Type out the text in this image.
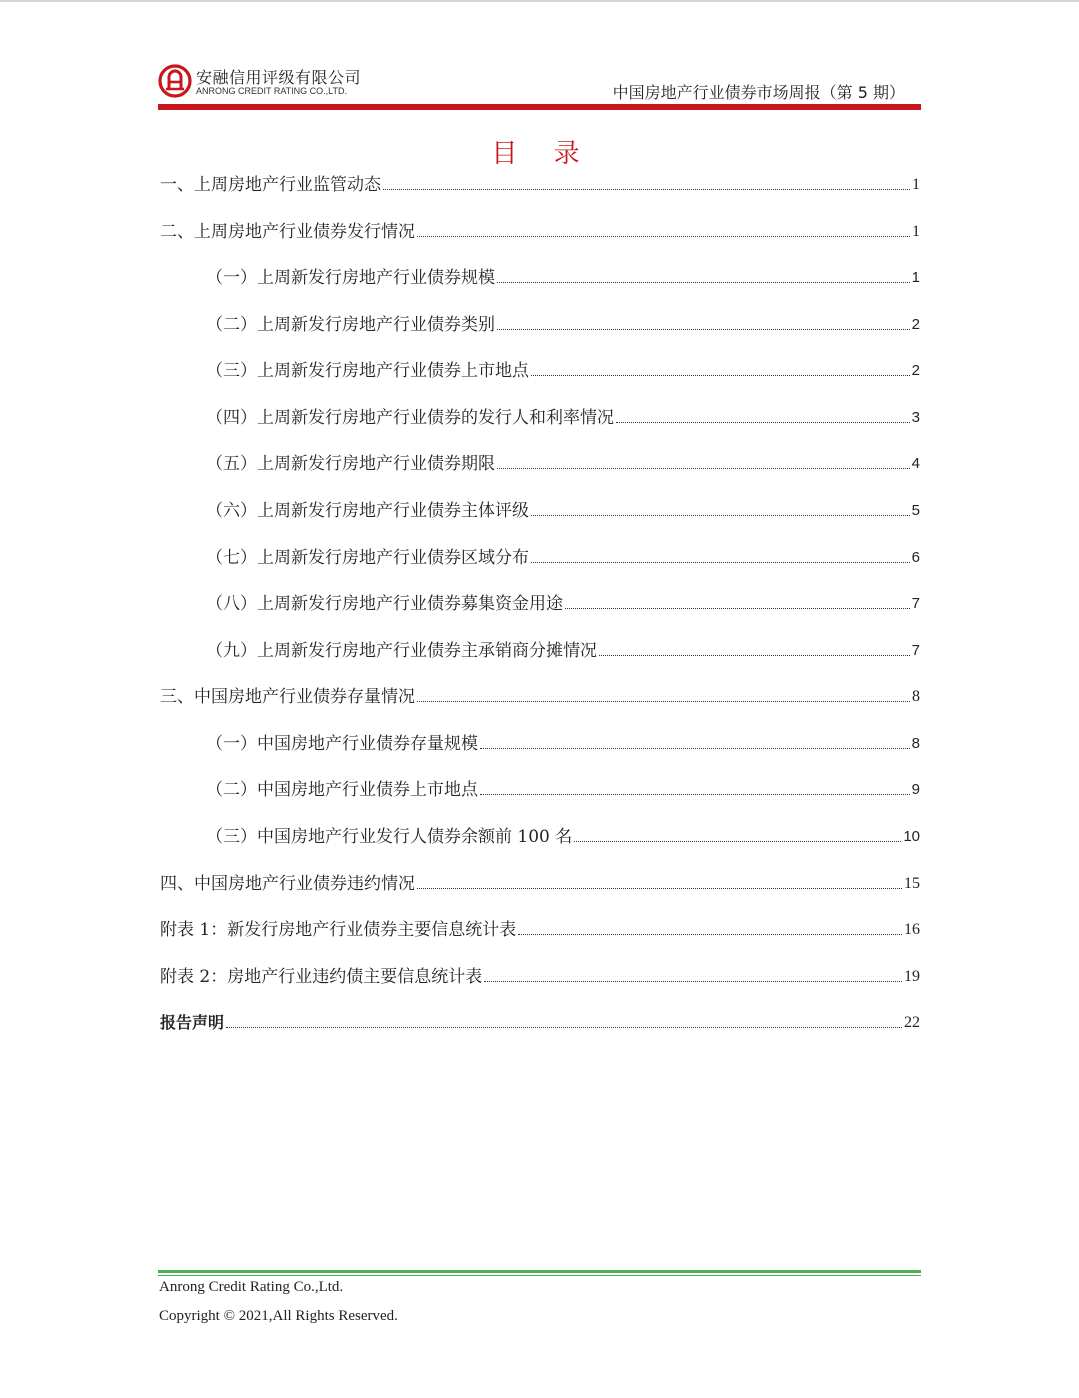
安融信用评级有限公司
ANRONG CREDIT RATING CO.,LTD.	中国房地产行业债券市场周报（第 5 期）
目 录
一、上周房地产行业监管动态	1
二、上周房地产行业债券发行情况	1
（一）上周新发行房地产行业债券规模	1
（二）上周新发行房地产行业债券类别	2
（三）上周新发行房地产行业债券上市地点	2
（四）上周新发行房地产行业债券的发行人和利率情况	3
（五）上周新发行房地产行业债券期限	4
（六）上周新发行房地产行业债券主体评级	5
（七）上周新发行房地产行业债券区域分布	6
（八）上周新发行房地产行业债券募集资金用途	7
（九）上周新发行房地产行业债券主承销商分摊情况	7
三、中国房地产行业债券存量情况	8
（一）中国房地产行业债券存量规模	8
（二）中国房地产行业债券上市地点	9
（三）中国房地产行业发行人债券余额前 100 名	10
四、中国房地产行业债券违约情况	15
附表 1：新发行房地产行业债券主要信息统计表	16
附表 2：房地产行业违约债主要信息统计表	19
报告声明	22
Anrong Credit Rating Co.,Ltd.
Copyright © 2021,All Rights Reserved.
